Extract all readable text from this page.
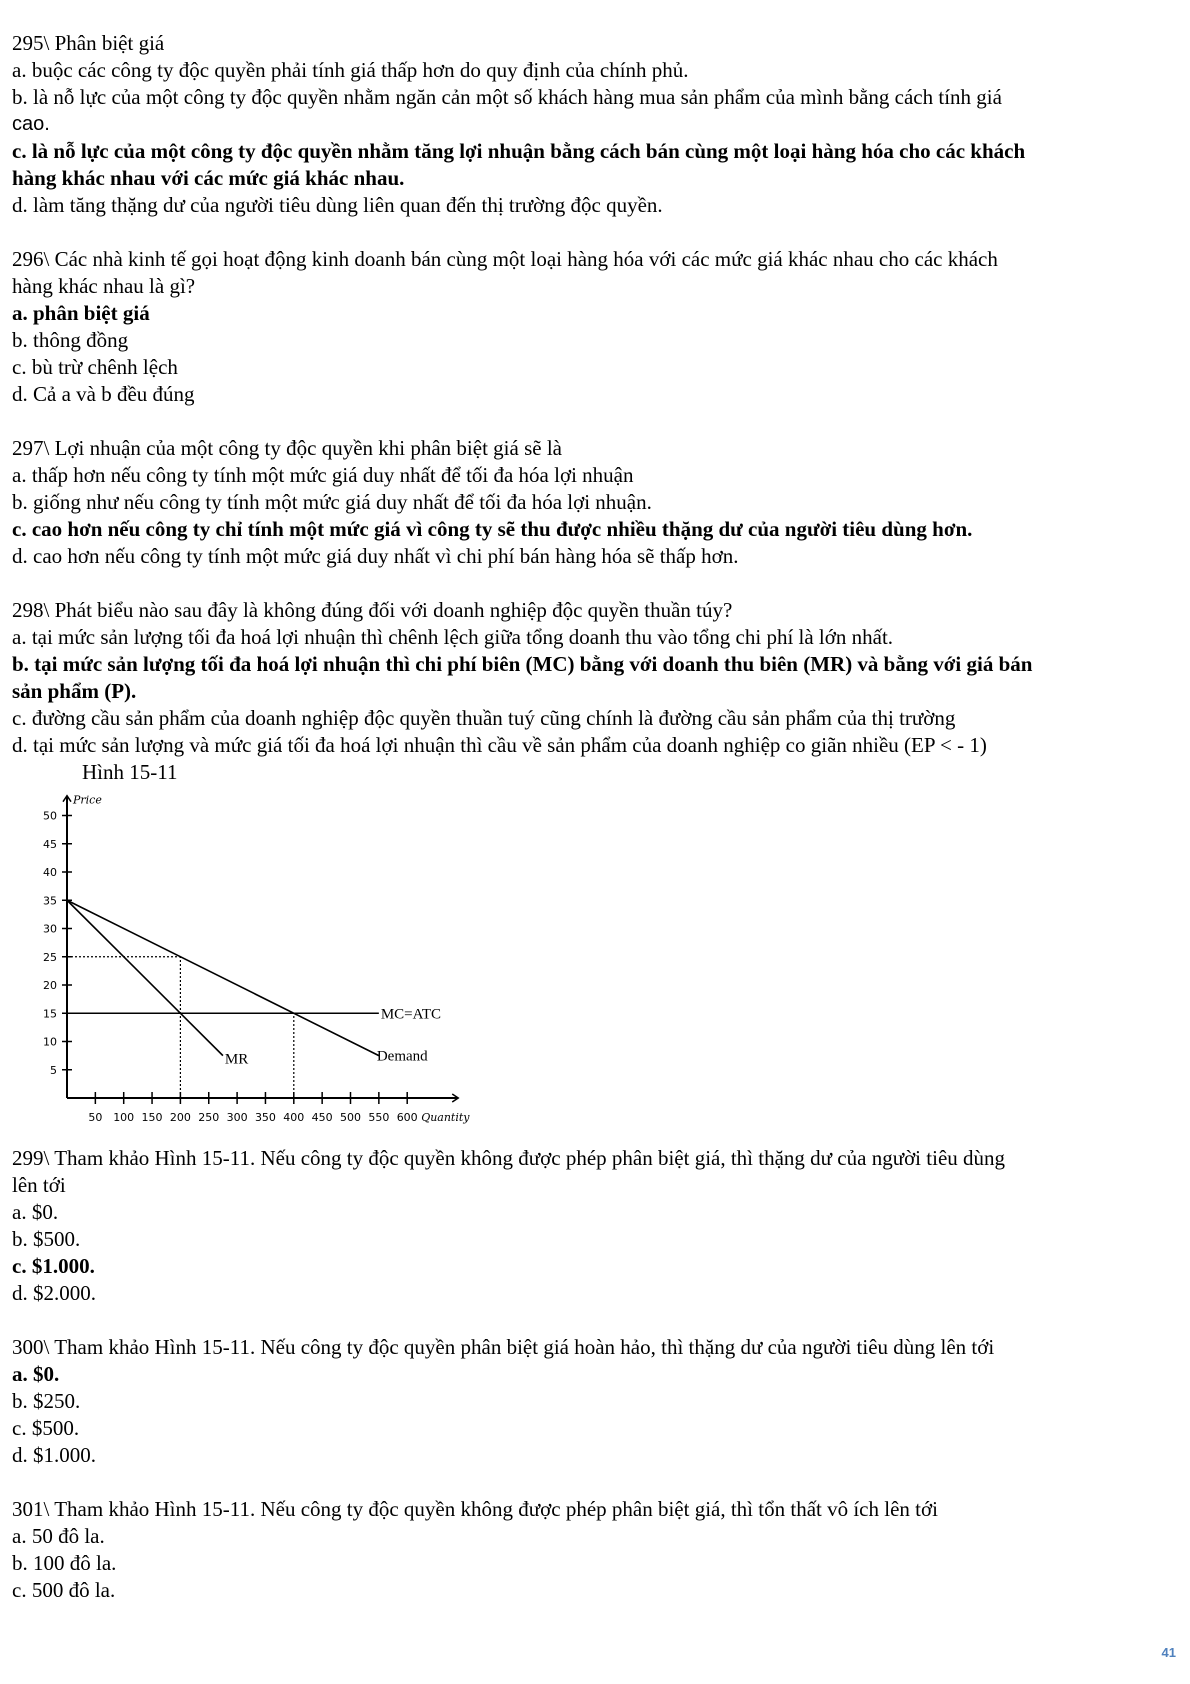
295\ Phân biệt giá
a. buộc các công ty độc quyền phải tính giá thấp hơn do quy định của chính phủ.
b. là nỗ lực của một công ty độc quyền nhằm ngăn cản một số khách hàng mua sản phẩm của mình bằng cách tính giá
cao.
c. là nỗ lực của một công ty độc quyền nhằm tăng lợi nhuận bằng cách bán cùng một loại hàng hóa cho các khách
hàng khác nhau với các mức giá khác nhau.
d. làm tăng thặng dư của người tiêu dùng liên quan đến thị trường độc quyền.
296\ Các nhà kinh tế gọi hoạt động kinh doanh bán cùng một loại hàng hóa với các mức giá khác nhau cho các khách
hàng khác nhau là gì?
a. phân biệt giá
b. thông đồng
c. bù trừ chênh lệch
d. Cả a và b đều đúng
297\ Lợi nhuận của một công ty độc quyền khi phân biệt giá sẽ là
a. thấp hơn nếu công ty tính một mức giá duy nhất để tối đa hóa lợi nhuận
b. giống như nếu công ty tính một mức giá duy nhất để tối đa hóa lợi nhuận.
c. cao hơn nếu công ty chỉ tính một mức giá vì công ty sẽ thu được nhiều thặng dư của người tiêu dùng hơn.
d. cao hơn nếu công ty tính một mức giá duy nhất vì chi phí bán hàng hóa sẽ thấp hơn.
298\ Phát biểu nào sau đây là không đúng đối với doanh nghiệp độc quyền thuần túy?
a. tại mức sản lượng tối đa hoá lợi nhuận thì chênh lệch giữa tổng doanh thu vào tổng chi phí là lớn nhất.
b. tại mức sản lượng tối đa hoá lợi nhuận thì chi phí biên (MC) bằng với doanh thu biên (MR) và bằng với giá bán
sản phẩm (P).
c. đường cầu sản phẩm của doanh nghiệp độc quyền thuần tuý cũng chính là đường cầu sản phẩm của thị trường
d. tại mức sản lượng và mức giá tối đa hoá lợi nhuận thì cầu về sản phẩm của doanh nghiệp co giãn nhiều (EP < - 1)
Hình 15-11
Price
Quantity
5
10
15
20
25
30
35
40
45
50
50 100 150 200 250 300 350 400 450 500 550 600
MC=ATC
Demand
MR
299\ Tham khảo Hình 15-11. Nếu công ty độc quyền không được phép phân biệt giá, thì thặng dư của người tiêu dùng
lên tới
a. $0.
b. $500.
c. $1.000.
d. $2.000.
300\ Tham khảo Hình 15-11. Nếu công ty độc quyền phân biệt giá hoàn hảo, thì thặng dư của người tiêu dùng lên tới
a. $0.
b. $250.
c. $500.
d. $1.000.
301\ Tham khảo Hình 15-11. Nếu công ty độc quyền không được phép phân biệt giá, thì tổn thất vô ích lên tới
a. 50 đô la.
b. 100 đô la.
c. 500 đô la.
41
